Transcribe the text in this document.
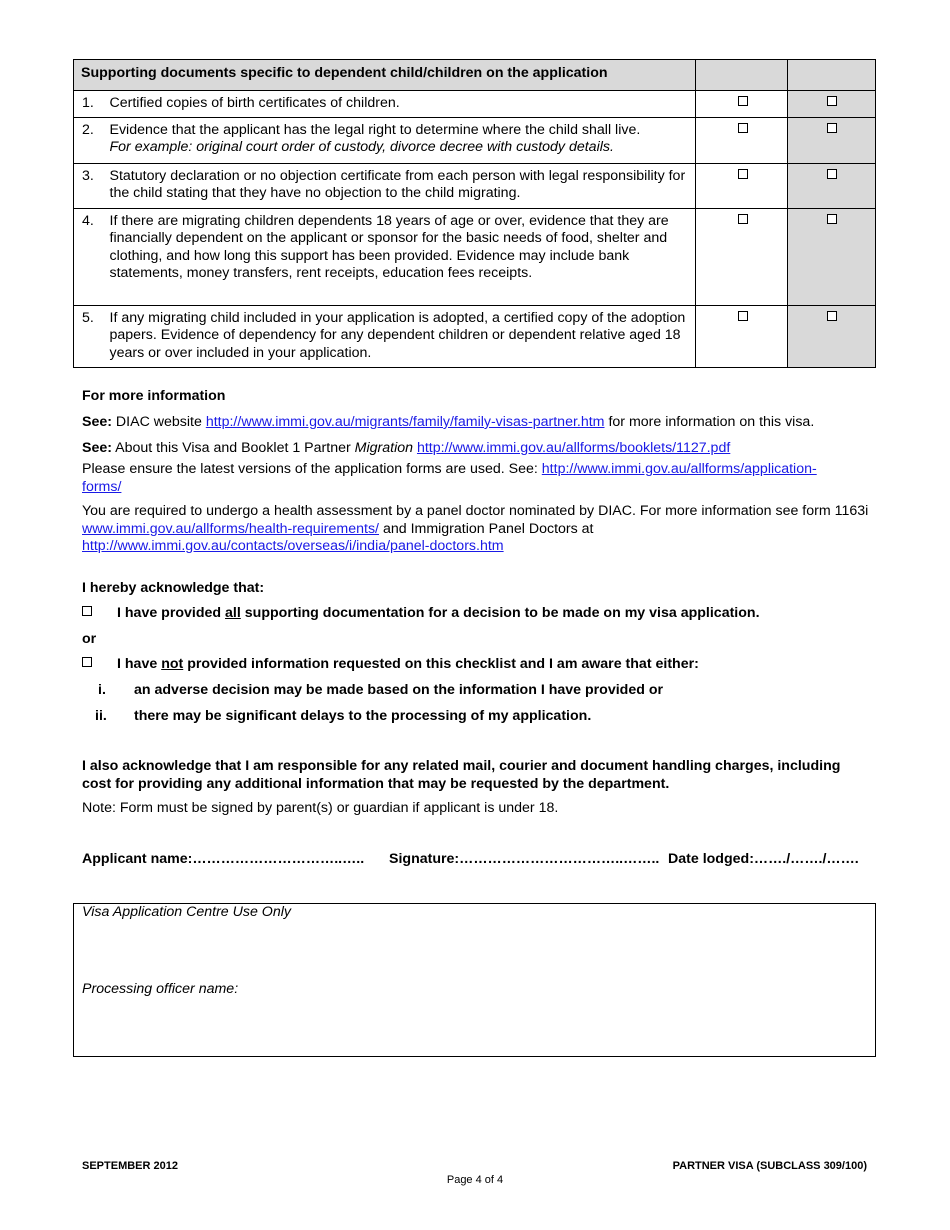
Supporting documents specific to dependent child/children on the application			
1.	Certified copies of birth certificates of children.	

2.	Evidence that the applicant has the legal right to determine where the child shall live.
For example: original court order of custody, divorce decree with custody details.		

3.	Statutory declaration or no objection certificate from each person with legal responsibility for the child stating that they have no objection to the child migrating.	

4.	If there are migrating children dependents 18 years of age or over, evidence that they are financially dependent on the applicant or sponsor for the basic needs of food, shelter and clothing, and how long this support has been provided. Evidence may include bank statements, money transfers, rent receipts, education fees receipts.	

5.	If any migrating child included in your application is adopted, a certified copy of the adoption papers. Evidence of dependency for any dependent children or dependent relative aged 18 years or over included in your application.	

For more information
See: DIAC website http://www.immi.gov.au/migrants/family/family-visas-partner.htm for more information on this visa.
See: About this Visa and Booklet 1 Partner Migration http://www.immi.gov.au/allforms/booklets/1127.pdf
Please ensure the latest versions of the application forms are used. See: http://www.immi.gov.au/allforms/application-
forms/
You are required to undergo a health assessment by a panel doctor nominated by DIAC. For more information see form 1163i www.immi.gov.au/allforms/health-requirements/ and Immigration Panel Doctors at
http://www.immi.gov.au/contacts/overseas/i/india/panel-doctors.htm
I hereby acknowledge that:
I have provided all supporting documentation for a decision to be made on my visa application.
or
I have not provided information requested on this checklist and I am aware that either:
i. an adverse decision may be made based on the information I have provided or
ii. there may be significant delays to the processing of my application.
I also acknowledge that I am responsible for any related mail, courier and document handling charges, including cost for providing any additional information that may be requested by the department.
Note: Form must be signed by parent(s) or guardian if applicant is under 18.
Applicant name:…………………………..….. Signature:……………………………..…….. Date lodged:……./……./…….
Visa Application Centre Use Only
Processing officer name:
SEPTEMBER 2012	PARTNER VISA (SUBCLASS 309/100)
Page 4 of 4
